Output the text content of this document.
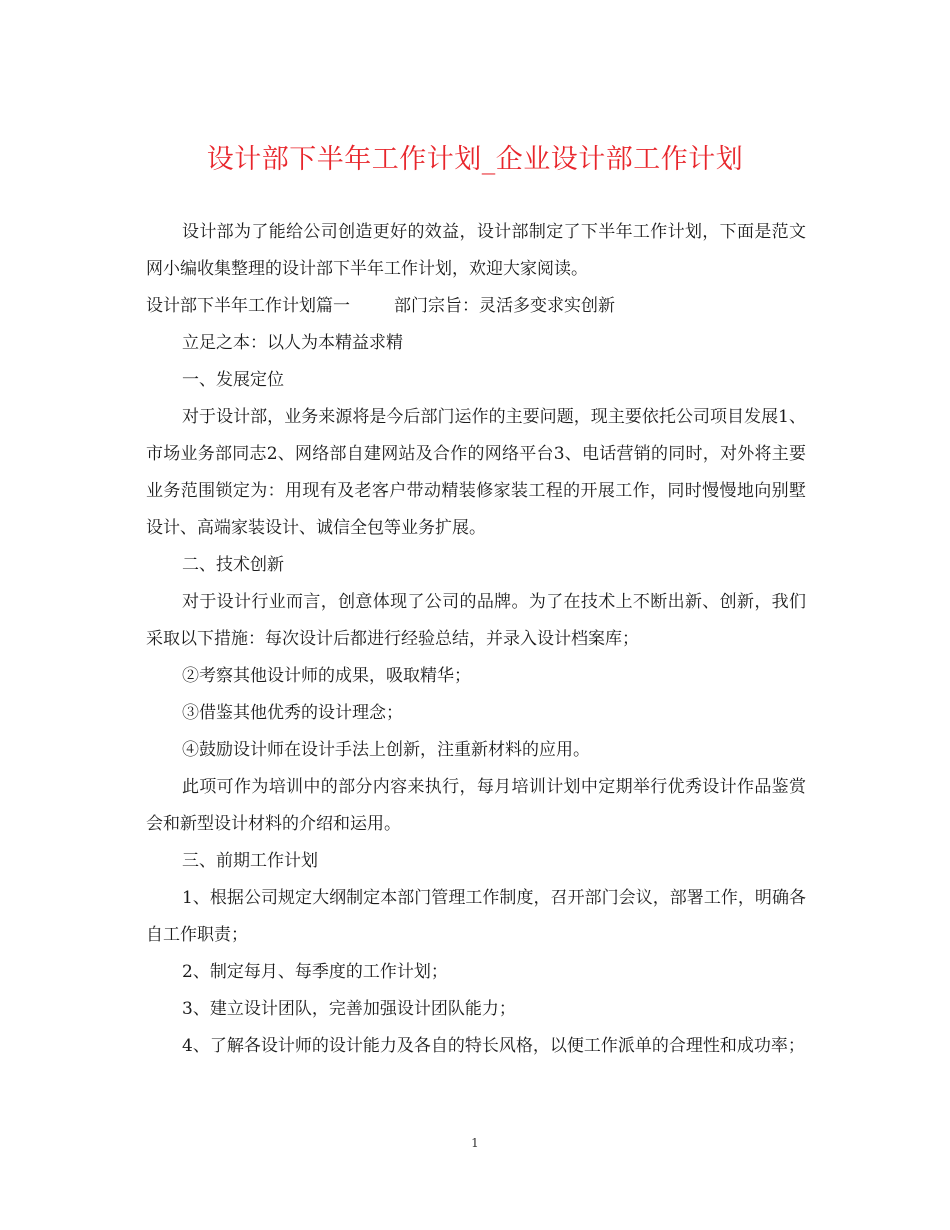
设计部下半年工作计划_企业设计部工作计划

设计部为了能给公司创造更好的效益，设计部制定了下半年工作计划，下面是范文网小编收集整理的设计部下半年工作计划，欢迎大家阅读。

设计部下半年工作计划篇一	部门宗旨：灵活多变求实创新

立足之本：以人为本精益求精

一、发展定位

对于设计部，业务来源将是今后部门运作的主要问题，现主要依托公司项目发展1、市场业务部同志2、网络部自建网站及合作的网络平台3、电话营销的同时，对外将主要业务范围锁定为：用现有及老客户带动精装修家装工程的开展工作，同时慢慢地向别墅设计、高端家装设计、诚信全包等业务扩展。

二、技术创新

对于设计行业而言，创意体现了公司的品牌。为了在技术上不断出新、创新，我们采取以下措施：每次设计后都进行经验总结，并录入设计档案库；

②考察其他设计师的成果，吸取精华；

③借鉴其他优秀的设计理念；

④鼓励设计师在设计手法上创新，注重新材料的应用。

此项可作为培训中的部分内容来执行，每月培训计划中定期举行优秀设计作品鉴赏会和新型设计材料的介绍和运用。

三、前期工作计划

1、根据公司规定大纲制定本部门管理工作制度，召开部门会议，部署工作，明确各自工作职责；

2、制定每月、每季度的工作计划；

3、建立设计团队，完善加强设计团队能力；

4、了解各设计师的设计能力及各自的特长风格，以便工作派单的合理性和成功率；

1
